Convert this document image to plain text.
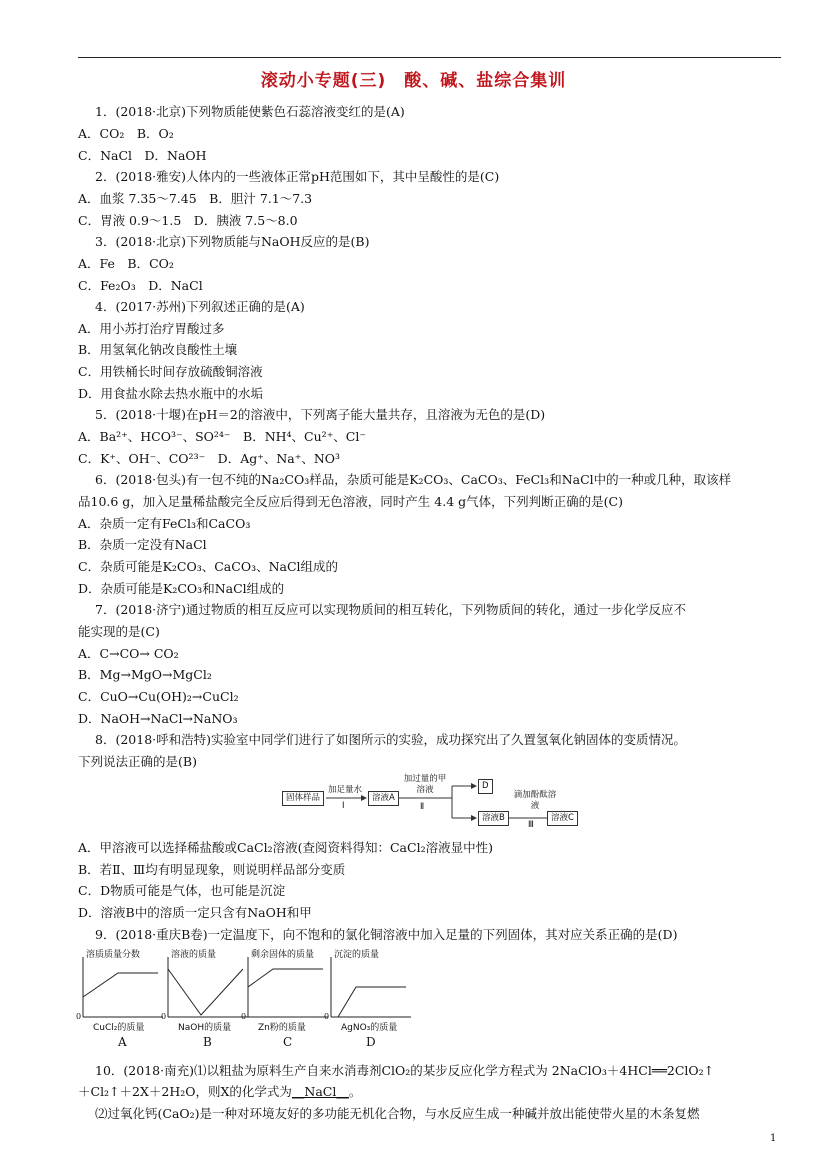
滚动小专题(三)　酸、碱、盐综合集训
1．(2018·北京)下列物质能使紫色石蕊溶液变红的是(A)
A．CO₂　B．O₂
C．NaCl　D．NaOH
2．(2018·雅安)人体内的一些液体正常pH范围如下，其中呈酸性的是(C)
A．血浆 7.35～7.45　B．胆汁 7.1～7.3
C．胃液 0.9～1.5　D．胰液 7.5～8.0
3．(2018·北京)下列物质能与NaOH反应的是(B)
A．Fe　B．CO₂
C．Fe₂O₃　D．NaCl
4．(2017·苏州)下列叙述正确的是(A)
A．用小苏打治疗胃酸过多
B．用氢氧化钠改良酸性土壤
C．用铁桶长时间存放硫酸铜溶液
D．用食盐水除去热水瓶中的水垢
5．(2018·十堰)在pH＝2的溶液中，下列离子能大量共存，且溶液为无色的是(D)
A．Ba²⁺、HCO³⁻、SO²⁴⁻　B．NH⁴、Cu²⁺、Cl⁻
C．K⁺、OH⁻、CO²³⁻　D．Ag⁺、Na⁺、NO³
6．(2018·包头)有一包不纯的Na₂CO₃样品，杂质可能是K₂CO₃、CaCO₃、FeCl₃和NaCl中的一种或几种，取该样
品10.6 g，加入足量稀盐酸完全反应后得到无色溶液，同时产生 4.4 g气体，下列判断正确的是(C)
A．杂质一定有FeCl₃和CaCO₃
B．杂质一定没有NaCl
C．杂质可能是K₂CO₃、CaCO₃、NaCl组成的
D．杂质可能是K₂CO₃和NaCl组成的
7．(2018·济宁)通过物质的相互反应可以实现物质间的相互转化，下列物质间的转化，通过一步化学反应不
能实现的是(C)
A．C→CO→ CO₂
B．Mg→MgO→MgCl₂
C．CuO→Cu(OH)₂→CuCl₂
D．NaOH→NaCl→NaNO₃
8．(2018·呼和浩特)实验室中同学们进行了如图所示的实验，成功探究出了久置氢氧化钠固体的变质情况。
下列说法正确的是(B)
固体样品
加足量水
Ⅰ
溶液A
加过量的甲溶液
Ⅱ
D
溶液B
滴加酚酞溶液
Ⅲ
溶液C
A．甲溶液可以选择稀盐酸或CaCl₂溶液(查阅资料得知：CaCl₂溶液显中性)
B．若Ⅱ、Ⅲ均有明显现象，则说明样品部分变质
C．D物质可能是气体，也可能是沉淀
D．溶液B中的溶质一定只含有NaOH和甲
9．(2018·重庆B卷)一定温度下，向不饱和的氯化铜溶液中加入足量的下列固体，其对应关系正确的是(D)
溶质质量分数
0
CuCl₂的质量
A
溶液的质量
0
NaOH的质量
B
剩余固体的质量
0
Zn粉的质量
C
沉淀的质量
0
AgNO₃的质量
D
10．(2018·南充)⑴以粗盐为原料生产自来水消毒剂ClO₂的某步反应化学方程式为 2NaClO₃＋4HCl══2ClO₂↑
＋Cl₂↑＋2X＋2H₂O，则X的化学式为__NaCl__。
⑵过氧化钙(CaO₂)是一种对环境友好的多功能无机化合物，与水反应生成一种碱并放出能使带火星的木条复燃
1
